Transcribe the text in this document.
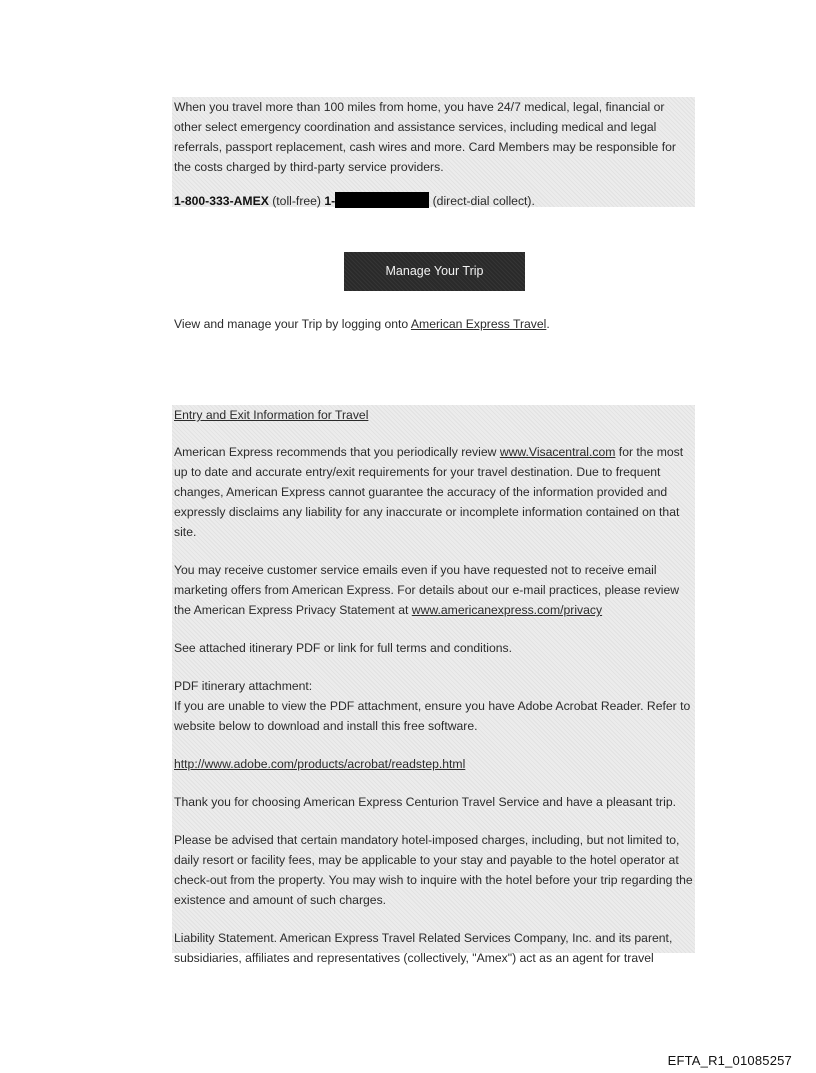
When you travel more than 100 miles from home, you have 24/7 medical, legal, financial or other select emergency coordination and assistance services, including medical and legal referrals, passport replacement, cash wires and more. Card Members may be responsible for the costs charged by third-party service providers.

1-800-333-AMEX (toll-free) 1-	(direct-dial collect).

Manage Your Trip

View and manage your Trip by logging onto American Express Travel.

Entry and Exit Information for Travel

American Express recommends that you periodically review www.Visacentral.com for the most up to date and accurate entry/exit requirements for your travel destination. Due to frequent changes, American Express cannot guarantee the accuracy of the information provided and expressly disclaims any liability for any inaccurate or incomplete information contained on that site.

You may receive customer service emails even if you have requested not to receive email marketing offers from American Express. For details about our e-mail practices, please review the American Express Privacy Statement at www.americanexpress.com/privacy

See attached itinerary PDF or link for full terms and conditions.

PDF itinerary attachment:

If you are unable to view the PDF attachment, ensure you have Adobe Acrobat Reader. Refer to website below to download and install this free software.

http://www.adobe.com/products/acrobat/readstep.html

Thank you for choosing American Express Centurion Travel Service and have a pleasant trip.

Please be advised that certain mandatory hotel-imposed charges, including, but not limited to, daily resort or facility fees, may be applicable to your stay and payable to the hotel operator at check-out from the property. You may wish to inquire with the hotel before your trip regarding the existence and amount of such charges.

Liability Statement. American Express Travel Related Services Company, Inc. and its parent, subsidiaries, affiliates and representatives (collectively, "Amex") act as an agent for travel

EFTA_R1_01085257
